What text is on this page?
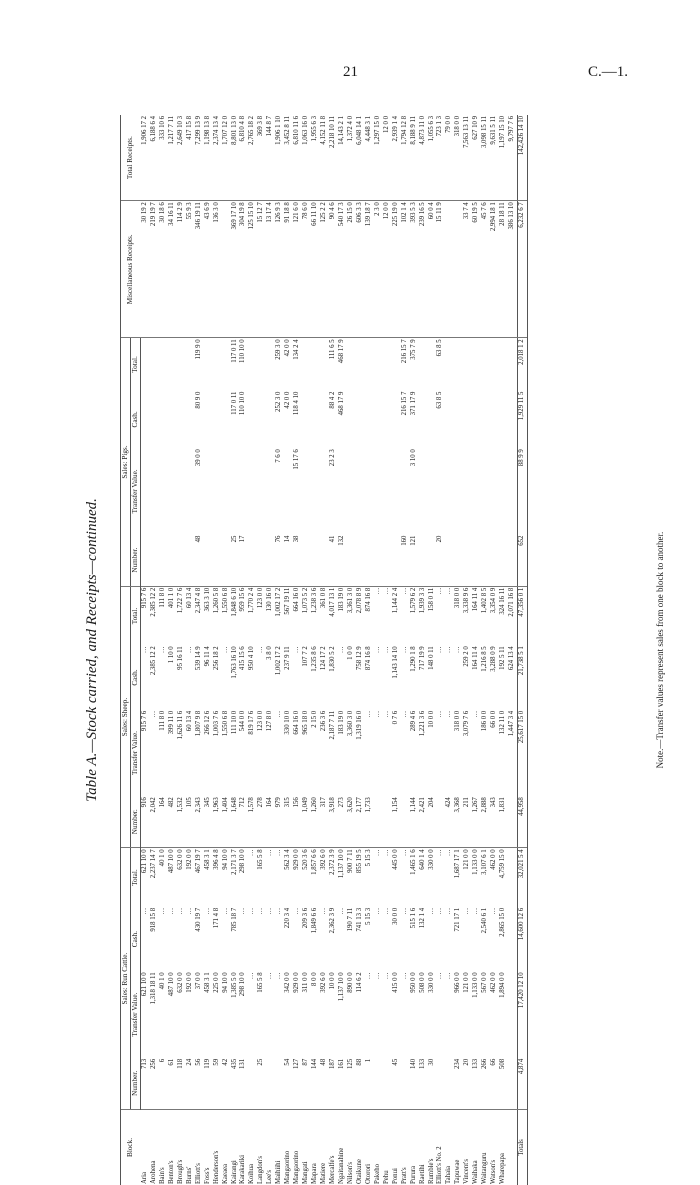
21	C.—1.
Table A.—Stock carried, and Receipts—continued.
Block.	Sales: Run Cattle.				Sales: Sheep.				Sales: Pigs.				Miscellaneous Receipts.	Total Receipts.
	Number.	Transfer Value.	Cash.	Total.	Number.	Transfer Value.	Cash.	Total.	Number.	Transfer Value.	Cash.	Total.		
Aria	713	621 10 0	…	621 10 0	916	915 7 6	…	915 7 6					30 19 2	1,906 17 2
Arohena	256	1,318 18 11	918 15 8	2,237 14 7	2,042	…	2,385 12 2	2,385 12 2					219 19 7	6,188 6 4
Bain's	6	40 1 0	…	40 1 0	164	111 8 0	…	111 8 0					30 18 6	333 10 6
Benton's	61	487 10 0	…	487 10 0	482	399 11 0	1 10 0	401 1 0					34 16 11	1,217 7 11
Brough's	118	632 0 0	…	632 0 0	1,532	1,626 11 6	95 16 11	1,722 7 6					114 2 9	2,649 10 3
Burns'	24	192 0 0	…	192 0 0	105	60 13 4	…	60 13 4					55 9 3	417 15 8
Elliott's	56	37 0 0	430 19 7	467 19 7	2,343	1,807 9 8	539 14 9	2,347 4 8	48	39 0 0	80 9 0	119 9 0	346 19 11	7,299 13 9
Foss's	119	458 3 1	…	458 3 1	345	266 12 6	96 11 4	363 3 10					43 6 9	1,198 13 8
Henderson's	59	225 0 0	171 4 8	396 4 8	1,963	1,003 7 6	256 18 2	1,260 5 8					136 3 0	2,374 13 4
Kaeaea	42	94 10 0	…	94 10 0	1,404	1,550 6 8	…	1,550 6 8						1,707 12 0
Kairangi	435	1,385 5 0	785 18 7	2,171 3 7	1,648	111 10 0	1,763 16 10	1,848 6 10	25		117 0 11	117 0 11	369 17 10	8,801 13 0
Karakariki	131	298 10 0	…	298 10 0	712	544 0 0	415 15 6	959 15 6	17		110 10 0	110 10 0	304 19 8	6,810 4 8
Koihua		…	…	…	1,578	819 17 6	950 4 10	1,770 2 4					125 15 10	2,765 18 2
Langdon's	25	165 5 8	…	165 5 8	278	123 0 0	…	123 0 0					15 12 7	369 3 8
Lee's		…	…	…	164	127 8 0	3 8 0	130 16 0					13 17 4	144 8 7
Maihiihi		…	…	…	979	…	1,002 17 2	1,002 17 2	76	7 6 0	252 3 0	259 3 0	126 9 3	1,906 1 10
Mangaorino	54	342 0 0	220 3 4	562 3 4	315	330 10 0	237 9 11	567 19 11	14		42 0 0	42 0 0	91 18 8	3,452 8 11
Mangaorino	127	929 0 0	…	929 0 0	156	664 16 0	…	664 16 0	38	15 17 6	118 4 10	134 2 4	121 6 0	6,810 11 6
Mangati	87	311 0 0	209 3 6	520 3 6	1,049	965 18 0	107 7 2	1,073 5 2					78 6 0	1,063 16 0
Mapara	144	8 0 0	1,849 6 6	1,857 6 6	1,260	2 15 0	1,235 8 6	1,238 3 6					66 11 10	1,955 6 3
Matiere	48	392 6 0	…	392 6 0	317	236 3 6	124 17 2	361 0 8					125 2 2	4,152 11 8
Mercalfe's	187	10 0 0	2,362 3 9	2,372 3 9	3,918	2,187 7 11	1,830 5 2	4,017 13 1	41	23 2 3	88 4 2	111 6 5	90 4 6	2,218 10 11
Ngaitanahine	161	1,137 10 0	…	1,137 10 0	273	183 19 0	…	183 19 0	132		468 17 9	468 17 9	540 17 3	14,143 2 1
Nilson's	125	890 0 0	190 7 11	900 7 11	3,620	3,360 3 0	1 0 0	3,361 3 0					26 15 0	1,372 4 0
Otaikune	88	114 6 2	741 13 3	855 19 5	2,177	1,319 16 0	758 12 9	2,078 8 9					606 3 3	6,048 14 1
Otorori	1	…	5 15 3	5 15 3	1,733	…	874 16 8	874 16 8					139 18 7	4,448 3 1
Pakeho		…	…	…		…	…	…					2 3 0	1,297 15 0
Pehu		…	…	…		…	…	…					12 0 0	12 0 0
Ponui	45	415 0 0	30 0 0	445 0 0	1,154	0 7 6	1,143 14 10	1,144 2 4					225 19 0	2,939 1 4
Pratt's		…	…	…		…	…	…	160		216 15 7	216 15 7	102 1 4	1,794 12 8
Purura	140	950 0 0	515 1 6	1,465 1 6	1,144	289 4 6	1,290 1 8	1,579 6 2	121	3 10 0	371 17 9	375 7 9	393 5 3	8,188 9 11
Raetihi	133	508 0 0	132 1 4	640 1 4	2,421	1,221 3 6	717 19 9	1,939 3 3					239 16 5	4,873 11 0
Rumble's	30	330 0 0	…	330 0 0	204	10 0 0	148 0 11	158 0 11					60 0 4	1,055 6 3
Elliott's No. 2		…	…	…		…	…	…	20		63 8 5	63 8 5	15 11 9	723 1 3
Tahaia		…	…	…	424	…	…	…						79 0 0
Tapuwae	234	966 0 0	721 17 1	1,687 17 1	3,368	318 0 0	…	318 0 0						318 0 0
Vincent's	20	121 0 0	…	121 0 0	211	3,079 7 6	259 2 0	3,338 9 6					33 7 4	7,563 13 11
Waihaka	133	1,133 0 0	…	1,133 0 0	1,267	…	164 11 4	164 11 4					60 19 5	627 10 9
Waitanguru	266	567 0 0	2,540 6 1	3,107 6 1	2,888	186 0 0	1,216 8 5	1,402 8 5					45 7 6	3,098 15 11
Watson's	66	462 0 0	…	462 0 0	343	66 0 0	3,288 0 9	3,354 0 9					2,994 18 1	9,631 5 11
Wharepapa	508	1,894 0 0	2,865 15 0	4,759 15 0	1,831	132 11 0	192 5 11	324 16 11					28 18 11	1,197 15 10
						1,447 3 4	624 13 4	2,071 16 8					386 13 10	9,797 7 6
Totals	4,874	17,420 12 10	14,600 12 6	32,021 5 4	44,958	25,617 15 0	21,738 5 1	47,356 0 1	652	88 9 9	1,929 11 5	2,018 1 2	6,232 6 7	142,426 14 10
Note.—Transfer values represent sales from one block to another.
